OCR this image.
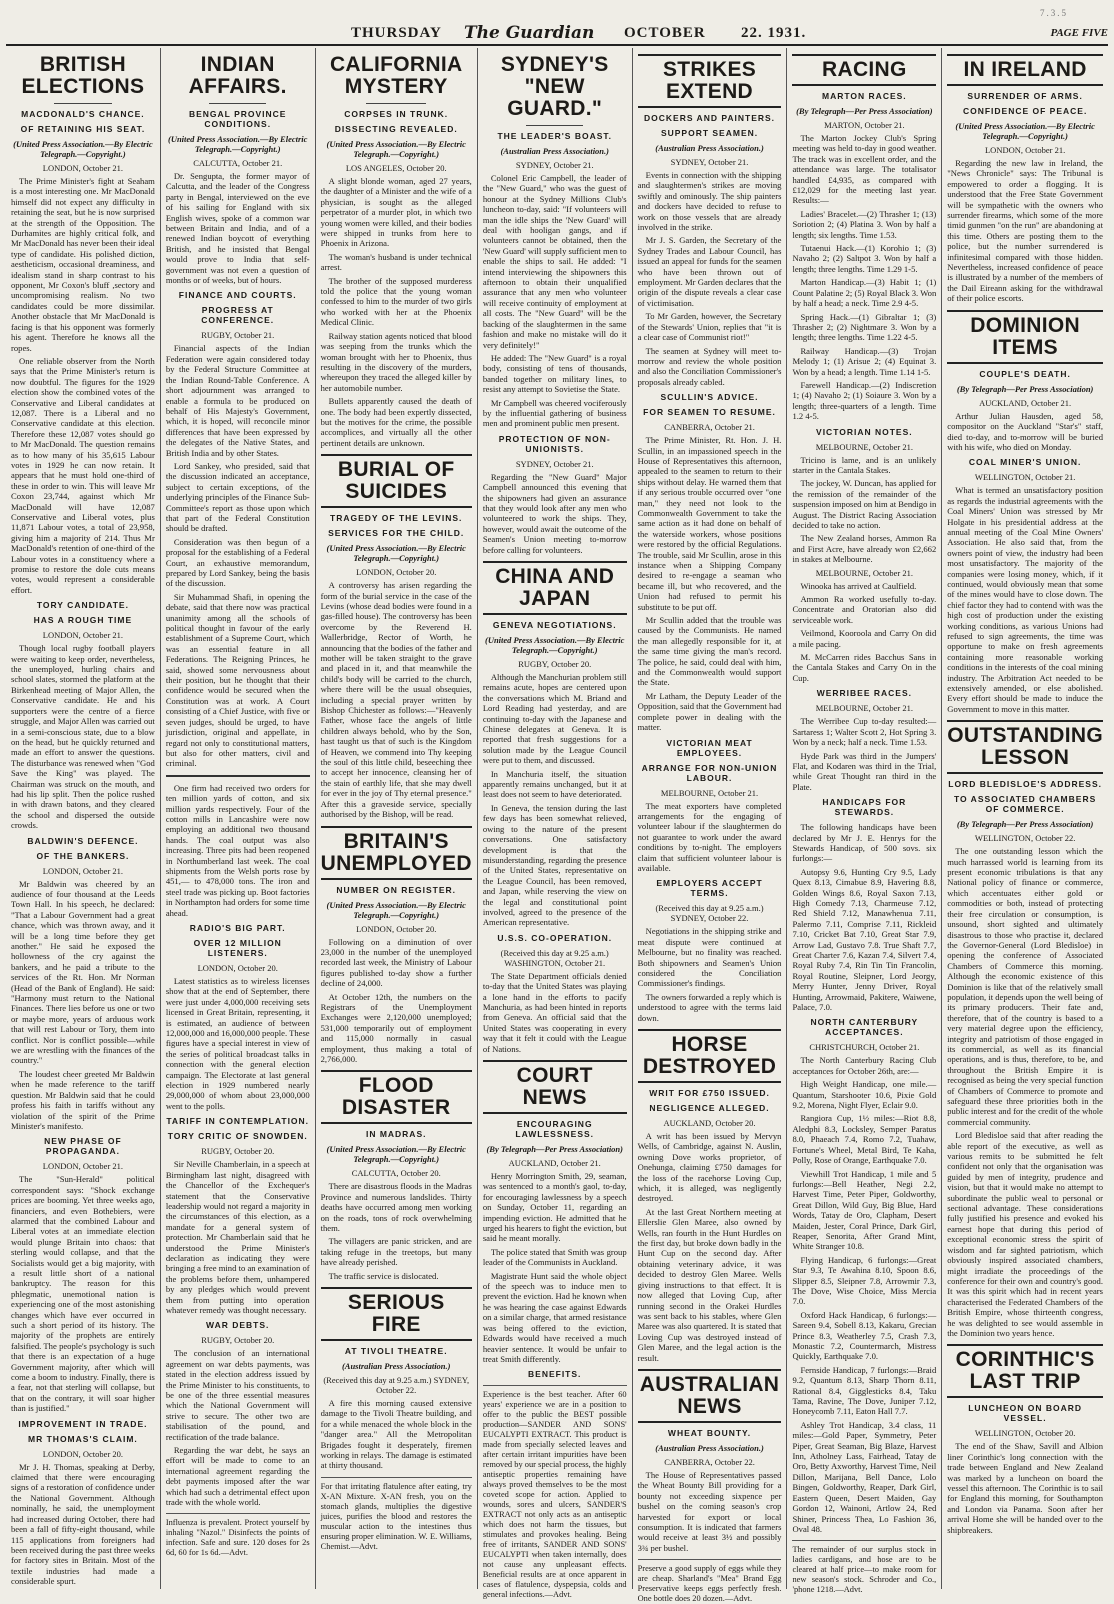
7.3.5
THURSDAY The Guardian OCTOBER 22. 1931.	PAGE FIVE
BRITISH ELECTIONS
MACDONALD'S CHANCE.
OF RETAINING HIS SEAT.
(United Press Association.—By Electric Telegraph.—Copyright.)
LONDON, October 21.

The Prime Minister's fight at Seaham is a most interesting one. Mr MacDonald himself did not expect any difficulty in retaining the seat, but he is now surprised at the strength of the Opposition. The Durhamites are highly critical folk, and Mr MacDonald has never been their ideal type of candidate. His polished diction, aestheticism, occasional dreaminess, and idealism stand in sharp contrast to his opponent, Mr Coxon's bluff ,sectory and uncompromising realism. No two candidates could be more dissimilar. Another obstacle that Mr MacDonald is facing is that his opponent was formerly his agent. Therefore he knows all the ropes.

One reliable observer from the North says that the Prime Minister's return is now doubtful. The figures for the 1929 election show the combined votes of the Conservative and Liberal candidates at 12,087. There is a Liberal and no Conservative candidate at this election. Therefore these 12,087 votes should go to Mr MacDonald. The question remains as to how many of his 35,615 Labour votes in 1929 he can now retain. It appears that he must hold one-third of these in order to win. This will leave Mr Coxon 23,744, against which Mr MacDonald will have 12,087 Conservative and Liberal votes, plus 11,871 Labour votes, a total of 23,958, giving him a majority of 214. Thus Mr MacDonald's retention of one-third of the Labour votes in a constituency where a promise to restore the dole cuts means votes, would represent a considerable effort.

TORY CANDIDATE.
HAS A ROUGH TIME
LONDON, October 21.

Though local rugby football players were waiting to keep order, nevertheless, the unemployed, hurling chairs and school slates, stormed the platform at the Birkenhead meeting of Major Allen, the Conservative candidate. He and his supporters were the centre of a fierce struggle, and Major Allen was carried out in a semi-conscious state, due to a blow on the head, but he quickly returned and made an effort to answer the questions. The disturbance was renewed when "God Save the King" was played. The Chairman was struck on the mouth, and had his lip split. Then the police rushed in with drawn batons, and they cleared the school and dispersed the outside crowds.

BALDWIN'S DEFENCE.
OF THE BANKERS.
LONDON, October 21.

Mr Baldwin was cheered by an audience of four thousand at the Leeds Town Hall. In his speech, he declared: "That a Labour Government had a great chance, which was thrown away, and it will be a long time before they get another." He said he exposed the hollowness of the cry against the bankers, and he paid a tribute to the services of the Rt. Hon. Mr Norman (Head of the Bank of England). He said: "Harmony must return to the National Finances. There lies before us one or two or maybe more, years of arduous work that will rest Labour or Tory, them into conflict. Nor is conflict possible—while we are wrestling with the finances of the country."

The loudest cheer greeted Mr Baldwin when he made reference to the tariff question. Mr Baldwin said that he could profess his faith in tariffs without any violation of the spirit of the Prime Minister's manifesto.

NEW PHASE OF PROPAGANDA.
LONDON, October 21.

The "Sun-Herald" political correspondent says: "Shock exchange prices are booming. Yet three weeks ago, financiers, and even Bothebiers, were alarmed that the combined Labour and Liberal votes at an immediate election would plunge Britain into chaos: that sterling would collapse, and that the Socialists would get a big majority, with a result little short of a national bankruptcy. The reason for this phlegmatic, unemotional nation is experiencing one of the most astonishing changes which have ever occurred in such a short period of its history. The majority of the prophets are entirely falsified. The people's psychology is such that there is an expectation of a huge Government majority, after which will come a boom to industry. Finally, there is a fear, not that sterling will collapse, but that on the contrary, it will soar higher than is justified."

IMPROVEMENT IN TRADE.
MR THOMAS'S CLAIM.
LONDON, October 20.

Mr J. H. Thomas, speaking at Derby, claimed that there were encouraging signs of a restoration of confidence under the National Government. Although nominally, he said, the unemployment had increased during October, there had been a fall of fifty-eight thousand, while 115 applications from foreigners had been received during the past three weeks for factory sites in Britain. Most of the textile industries had made a considerable spurt.

INDIAN AFFAIRS.
BENGAL PROVINCE CONDITIONS.
(United Press Association.—By Electric Telegraph.—Copyright.)
CALCUTTA, October 21.

Dr. Sengupta, the former mayor of Calcutta, and the leader of the Congress party in Bengal, interviewed on the eve of his sailing for England with six English wives, spoke of a common war between Britain and India, and of a renewed Indian boycott of everything British, and he insisted that Bengal would prove to India that self-government was not even a question of months or of weeks, but of hours.

FINANCE AND COURTS.
PROGRESS AT CONFERENCE.
RUGBY, October 21.

Financial aspects of the Indian Federation were again considered today by the Federal Structure Committee at the Indian Round-Table Conference. A short adjournment was arranged to enable a formula to be produced on behalf of His Majesty's Government, which, it is hoped, will reconcile minor differences that have been expressed by the delegates of the Native States, and British India and by other States.

Lord Sankey, who presided, said that the discussion indicated an acceptance, subject to certain exceptions, of the underlying principles of the Finance Sub-Committee's report as those upon which that part of the Federal Constitution should be drafted.

Consideration was then begun of a proposal for the establishing of a Federal Court, an exhaustive memorandum, prepared by Lord Sankey, being the basis of the discussion.

Sir Muhammad Shafi, in opening the debate, said that there now was practical unanimity among all the schools of political thought in favour of the early establishment of a Supreme Court, which was an essential feature in all Federations. The Reigning Princes, he said, showed some nervousness about their position, but he thought that their confidence would be secured when the Constitution was at work. A Court consisting of a Chief Justice, with five or seven judges, should be urged, to have jurisdiction, original and appellate, in regard not only to constitutional matters, but also for other matters, civil and criminal.

One firm had received two orders for ten million yards of cotton, and six million yards respectively. Four of the cotton mills in Lancashire were now employing an additional two thousand hands. The coal output was also increasing. Three pits had been reopened in Northumberland last week. The coal shipments from the Welsh ports rose by 451,— to 478,000 tons. The iron and steel trade was picking up. Boot factories in Northampton had orders for some time ahead.

RADIO'S BIG PART.
OVER 12 MILLION LISTENERS.
LONDON, October 20.

Latest statistics as to wireless licenses show that at the end of September, there were just under 4,000,000 receiving sets licensed in Great Britain, representing, it is estimated, an audience of between 12,000,000 and 16,000,000 people. These figures have a special interest in view of the series of political broadcast talks in connection with the general election campaign. The Electorate at last general election in 1929 numbered nearly 29,000,000 of whom about 23,000,000 went to the polls.

TARIFF IN CONTEMPLATION.
TORY CRITIC OF SNOWDEN.
RUGBY, October 20.

Sir Neville Chamberlain, in a speech at Birmingham last night, disagreed with the Chancellor of the Exchequer's statement that the Conservative leadership would not regard a majority in the circumstances of this election, as a mandate for a general system of protection. Mr Chamberlain said that he understood the Prime Minister's declaration as indicating they were bringing a free mind to an examination of the problems before them, unhampered by any pledges which would prevent them from putting into operation whatever remedy was thought necessary.

WAR DEBTS.
RUGBY, October 20.

The conclusion of an international agreement on war debts payments, was stated in the election address issued by the Prime Minister to his constituents, to be one of the three essential measures which the National Government will strive to secure. The other two are stabilisation of the pound, and rectification of the trade balance.

Regarding the war debt, he says an effort will be made to come to an international agreement regarding the debt payments imposed after the war which had such a detrimental effect upon trade with the whole world.

Influenza is prevalent. Protect yourself by inhaling "Nazol." Disinfects the points of infection. Safe and sure. 120 doses for 2s 6d, 60 for 1s 6d.—Advt.
CALIFORNIA MYSTERY
CORPSES IN TRUNK.
DISSECTING REVEALED.
(United Press Association.—By Electric Telegraph.—Copyright.)
LOS ANGELES, October 20.

A slight blonde woman, aged 27 years, the daughter of a Minister and the wife of a physician, is sought as the alleged perpetrator of a murder plot, in which two young women were killed, and their bodies were shipped in trunks from here to Phoenix in Arizona.

The woman's husband is under technical arrest.

The brother of the supposed murderess told the police that the young woman confessed to him to the murder of two girls who worked with her at the Phoenix Medical Clinic.

Railway station agents noticed that blood was seeping from the trunks which the woman brought with her to Phoenix, thus resulting in the discovery of the murders, whereupon they traced the alleged killer by her automobile number.

Bullets apparently caused the death of one. The body had been expertly dissected, but the motives for the crime, the possible accomplices, and virtually all the other pertinent details are unknown.

BURIAL OF SUICIDES
TRAGEDY OF THE LEVINS.
SERVICES FOR THE CHILD.
(United Press Association.—By Electric Telegraph.—Copyright.)
LONDON, October 20.

A controversy has arisen regarding the form of the burial service in the case of the Levins (whose dead bodies were found in a gas-filled house). The controversy has been overcome by the Reverend H. Wallerbridge, Rector of Worth, he announcing that the bodies of the father and mother will be taken straight to the grave and placed in it, and that meanwhile the child's body will be carried to the church, where there will be the usual obsequies, including a special prayer written by Bishop Chichester as follows:—"Heavenly Father, whose face the angels of little children always behold, who by the Son, hast taught us that of such is the Kingdom of Heaven, we commend into Thy keeping the soul of this little child, beseeching thee to accept her innocence, cleansing her of the stain of earthly life, that she may dwell for ever in the joy of Thy eternal presence." After this a graveside service, specially authorised by the Bishop, will be read.

BRITAIN'S UNEMPLOYED
NUMBER ON REGISTER.
(United Press Association.—By Electric Telegraph.—Copyright.)
LONDON, October 20.

Following on a diminution of over 23,000 in the number of the unemployed recorded last week, the Ministry of Labour figures published to-day show a further decline of 24,000.

At October 12th, the numbers on the Registrars of the Unemployment Exchanges were 2,120,000 unemployed; 531,000 temporarily out of employment and 115,000 normally in casual employment, thus making a total of 2,766,000.

FLOOD DISASTER
IN MADRAS.
(United Press Association.—By Electric Telegraph.—Copyright.)
CALCUTTA, October 20.

There are disastrous floods in the Madras Province and numerous landslides. Thirty deaths have occurred among men working on the roads, tons of rock overwhelming them.

The villagers are panic stricken, and are taking refuge in the treetops, but many have already perished.

The traffic service is dislocated.

SERIOUS FIRE
AT TIVOLI THEATRE.
(Australian Press Association.)
(Received this day at 9.25 a.m.) SYDNEY, October 22.

A fire this morning caused extensive damage to the Tivoli Theatre building, and for a while menaced the whole block in the "danger area." All the Metropolitan Brigades fought it desperately, firemen working in relays. The damage is estimated at thirty thousand.

For that irritating flatulence after eating, try X-AN Mixture. X-AN fresh, you on the stomach glands, multiplies the digestive juices, purifies the blood and restores the muscular action to the intestines thus ensuring proper elimination. W. E. Williams, Chemist.—Advt.
SYDNEY'S "NEW GUARD."
THE LEADER'S BOAST.
(Australian Press Association.)
SYDNEY, October 21.

Colonel Eric Campbell, the leader of the "New Guard," who was the guest of honour at the Sydney Millions Club's luncheon to-day, said: "If volunteers will man the idle ships the 'New Guard' will deal with hooligan gangs, and if volunteers cannot be obtained, then the 'New Guard' will supply sufficient men to enable the ships to sail. He added: "I intend interviewing the shipowners this afternoon to obtain their unqualified assurance that any men who volunteer will receive continuity of employment at all costs. The "New Guard" will be the backing of the slaughtermen in the same fashion and make no mistake will do it very definitely!"

He added: The "New Guard" is a royal body, consisting of tens of thousands, banded together on military lines, to resist any attempt to Sovietise the State.

Mr Campbell was cheered vociferously by the influential gathering of business men and prominent public men present.

PROTECTION OF NON-UNIONISTS.
SYDNEY, October 21.

Regarding the "New Guard" Major Campbell announced this evening that the shipowners had given an assurance that they would look after any men who volunteered to work the ships. They, however, would await the outcome of the Seamen's Union meeting to-morrow before calling for volunteers.

CHINA AND JAPAN
GENEVA NEGOTIATIONS.
(United Press Association.—By Electric Telegraph.—Copyright.)
RUGBY, October 20.

Although the Manchurian problem still remains acute, hopes are centered upon the conversations which M. Briand and Lord Reading had yesterday, and are continuing to-day with the Japanese and Chinese delegates at Geneva. It is reported that fresh suggestions for a solution made by the League Council were put to them, and discussed.

In Manchuria itself, the situation apparently remains unchanged, but it at least does not seem to have deteriorated.

In Geneva, the tension during the last few days has been somewhat relieved, owing to the nature of the present conversations. One satisfactory development is that the misunderstanding, regarding the presence of the United States, representative on the League Council, has been removed, and Japan, while reserving the view on the legal and constitutional point involved, agreed to the presence of the American representative.

U.S.S. CO-OPERATION.
(Received this day at 9.25 a.m.) WASHINGTON, October 21.

The State Department officials denied to-day that the United States was playing a lone hand in the efforts to pacify Manchuria, as had been hinted in reports from Geneva. An official said that the United States was cooperating in every way that it felt it could with the League of Nations.

COURT NEWS
ENCOURAGING LAWLESSNESS.
(By Telegraph—Per Press Association)
AUCKLAND, October 21.

Henry Morrington Smith, 29, seaman, was sentenced to a month's gaol, to-day, for encouraging lawlessness by a speech on Sunday, October 11, regarding an impending eviction. He admitted that he urged his hearers to fight the eviction, but said he meant morally.

The police stated that Smith was group leader of the Communists in Auckland.

Magistrate Hunt said the whole object of the speech was to induce men to prevent the eviction. Had he known when he was hearing the case against Edwards on a similar charge, that armed resistance was being offered to the eviction, Edwards would have received a much heavier sentence. It would be unfair to treat Smith differently.

BENEFITS.
Experience is the best teacher. After 60 years' experience we are in a position to offer to the public the BEST possible production—SANDER AND SONS' EUCALYPTI EXTRACT. This product is made from specially selected leaves and after certain irritant impurities have been removed by our special process, the highly antiseptic properties remaining have always proved themselves to be the most coveted scope for action. Applied to wounds, sores and ulcers, SANDER'S EXTRACT not only acts as an antiseptic which does not harm the tissues, but stimulates and provokes healing. Being free of irritants, SANDER AND SONS' EUCALYPTI when taken internally, does not cause any unpleasant effects. Beneficial results are at once apparent in cases of flatulence, dyspepsia, colds and general infections.—Advt.
STRIKES EXTEND
DOCKERS AND PAINTERS.
SUPPORT SEAMEN.
(Australian Press Association.)
SYDNEY, October 21.

Events in connection with the shipping and slaughtermen's strikes are moving swiftly and ominously. The ship painters and dockers have decided to refuse to work on those vessels that are already involved in the strike.

Mr J. S. Garden, the Secretary of the Sydney Trades and Labour Council, has issued an appeal for funds for the seamen who have been thrown out of employment. Mr Garden declares that the origin of the dispute reveals a clear case of victimisation.

To Mr Garden, however, the Secretary of the Stewards' Union, replies that "it is a clear case of Communist riot!"

The seamen at Sydney will meet to-morrow and review the whole position and also the Conciliation Commissioner's proposals already cabled.

SCULLIN'S ADVICE.
FOR SEAMEN TO RESUME.
CANBERRA, October 21.

The Prime Minister, Rt. Hon. J. H. Scullin, in an impassioned speech in the House of Representatives this afternoon, appealed to the seamen to return to their ships without delay. He warned them that if any serious trouble occurred over "one man," they need not look to the Commonwealth Government to take the same action as it had done on behalf of the waterside workers, whose positions were restored by the official Regulations. The trouble, said Mr Scullin, arose in this instance when a Shipping Company desired to re-engage a seaman who became ill, but who recovered, and the Union had refused to permit his substitute to be put off.

Mr Scullin added that the trouble was caused by the Communists. He named the man allegedly responsible for it, at the same time giving the man's record. The police, he said, could deal with him, and the Commonwealth would support the State.

Mr Latham, the Deputy Leader of the Opposition, said that the Government had complete power in dealing with the matter.

VICTORIAN MEAT EMPLOYEES.
ARRANGE FOR NON-UNION LABOUR.
MELBOURNE, October 21.

The meat exporters have completed arrangements for the engaging of volunteer labour if the slaughtermen do not guarantee to work under the award conditions by to-night. The employers claim that sufficient volunteer labour is available.

EMPLOYERS ACCEPT TERMS.
(Received this day at 9.25 a.m.) SYDNEY, October 22.

Negotiations in the shipping strike and meat dispute were continued at Melbourne, but no finality was reached. Both shipowners and Seamen's Union considered the Conciliation Commissioner's findings.

The owners forwarded a reply which is understood to agree with the terms laid down.

HORSE DESTROYED
WRIT FOR £750 ISSUED.
NEGLIGENCE ALLEGED.
AUCKLAND, October 20.

A writ has been issued by Mervyn Wells, of Cambridge, against N. Auslin, owning Dove works proprietor, of Onehunga, claiming £750 damages for the loss of the racehorse Loving Cup, which, it is alleged, was negligently destroyed.

At the last Great Northern meeting at Ellerslie Glen Maree, also owned by Wells, ran fourth in the Hunt Hurdles on the first day, but broke down badly in the Hunt Cup on the second day. After obtaining veterinary advice, it was decided to destroy Glen Maree. Wells giving instructions to that effect. It is now alleged that Loving Cup, after running second in the Orakei Hurdles was sent back to his stables, where Glen Maree was also quartered. It is stated that Loving Cup was destroyed instead of Glen Maree, and the legal action is the result.

AUSTRALIAN NEWS
WHEAT BOUNTY.
(Australian Press Association.)
CANBERRA, October 22.

The House of Representatives passed the Wheat Bounty Bill providing for a bounty not exceeding sixpence per bushel on the coming season's crop harvested for export or local consumption. It is indicated that farmers would receive at least 3½ and possibly 3¾ per bushel.

Preserve a good supply of eggs while they are cheap. Sharland's "Mea" Brand Egg Preservative keeps eggs perfectly fresh. One bottle does 20 dozen.—Advt.
RACING
MARTON RACES.
(By Telegraph—Per Press Association)
MARTON, October 21.

The Marton Jockey Club's Spring meeting was held to-day in good weather. The track was in excellent order, and the attendance was large. The totalisator handled £4,935, as compared with £12,029 for the meeting last year. Results:—

Ladies' Bracelet.—(2) Thrasher 1; (13) Soriotion 2; (4) Platina 3. Won by half a length; six lengths. Time 1.53.

Tutaenui Hack.—(1) Korohio 1; (3) Navaho 2; (2) Saltpot 3. Won by half a length; three lengths. Time 1.29 1-5.

Marton Handicap.—(3) Habit 1; (1) Count Palatine 2; (5) Royal Black 3. Won by half a head; a neck. Time 2.9 4-5.

Spring Hack.—(1) Gibraltar 1; (3) Thrasher 2; (2) Nightmare 3. Won by a length; three lengths. Time 1.22 4-5.

Railway Handicap.—(3) Trojan Melody 1; (1) Arisue 2; (4) Equinat 3. Won by a head; a length. Time 1.14 1-5.

Farewell Handicap.—(2) Indiscretion 1; (4) Navaho 2; (1) Soiaure 3. Won by a length; three-quarters of a length. Time 1.2 4-5.

VICTORIAN NOTES.
MELBOURNE, October 21.

Tricino is lame, and is an unlikely starter in the Cantala Stakes.

The jockey, W. Duncan, has applied for the remission of the remainder of the suspension imposed on him at Bendigo in August. The District Racing Association decided to take no action.

The New Zealand horses, Ammon Ra and First Acre, have already won £2,662 in stakes at Melbourne.

MELBOURNE, October 21.

Winooka has arrived at Caulfield.

Ammon Ra worked usefully to-day. Concentrate and Oratorian also did serviceable work.

Veilmond, Kooroola and Carry On did a mile pacing.

M. McCarren rides Bacchus Sans in the Cantala Stakes and Carry On in the Cup.

WERRIBEE RACES.
MELBOURNE, October 21.

The Werribee Cup to-day resulted:—Sartaress 1; Walter Scott 2, Hot Spring 3. Won by a neck; half a neck. Time 1.53.

Hyde Park was third in the Jumpers' Flat, and Kodaren was third in the Trial, while Great Thought ran third in the Plate.

HANDICAPS FOR STEWARDS.

The following handicaps have been declared by Mr J. E. Henrys for the Stewards Handicap, of 500 sovs. six furlongs:—

Autopsy 9.6, Hunting Cry 9.5, Lady Quex 8.13, Cimabue 8.9, Havering 8.8, Golden Wings 8.6, Royal Saxon 7.13, High Comedy 7.13, Charmeuse 7.12, Red Shield 7.12, Manawhenua 7.11, Palermo 7.11, Comprise 7.11, Rickleid 7.10, Cricket Bat 7.10, Great Star 7.9, Arrow Lad, Gustavo 7.8. True Shaft 7.7, Great Charter 7.6, Kazan 7.4, Silvert 7.4, Royal Ruby 7.4, Rin Tin Tin Francolin, Royal Routine, Sleipner, Lord Jeorgy, Merry Hunter, Jenny Driver, Royal Hunting, Arrowmaid, Pakitere, Waiwene, Palace, 7.0.

NORTH CANTERBURY ACCEPTANCES.
CHRISTCHURCH, October 21.

The North Canterbury Racing Club acceptances for October 26th, are:—

High Weight Handicap, one mile.—Quantum, Starshooter 10.6, Pixie Gold 9.2, Morena, Night Flyer, Eclair 9.0.

Rangiora Cup, 1½ miles:—Riot 8.8, Aledphi 8.3, Locksley, Semper Paratus 8.0, Phaeach 7.4, Romo 7.2, Tuahaw, Fortune's Wheel, Metal Bird, Te Kaha, Polly, Rose of Orange, Earthquake 7.0.

Viewhill Trot Handicap, 1 mile and 5 furlongs:—Bell Heather, Negi 2.2, Harvest Time, Peter Piper, Goldworthy, Great Dillon, Wild Guy, Big Blue, Hard Words, Tatay de Oro, Clapham, Desert Maiden, Jester, Coral Prince, Dark Girl, Reaper, Senorita, After Grand Mint, White Stranger 10.8.

Flying Handicap, 6 furlongs:—Great Star 9.3, Te Awahina 8.10, Spoon 8.6, Slipper 8.5, Sleipner 7.8, Arrowmir 7.3, The Dove, Wise Choice, Miss Mercia 7.0.

Oxford Hack Handicap, 6 furlongs:—Sareen 9.4, Sobell 8.13, Kakaru, Grecian Prince 8.3, Weatherley 7.5, Crash 7.3, Monastic 7.2, Countermarch, Mistress Quickly, Earthquake 7.0.

Fernside Handicap, 7 furlongs:—Braid 9.2, Quantum 8.13, Sharp Thorn 8.11, Rational 8.4, Gigglesticks 8.4, Taku Tama, Ravine, The Dove, Juniper 7.12, Honeycomb 7.11, Eaton Hall 7.7.

Ashley Trot Handicap, 3.4 class, 11 miles:—Gold Paper, Symmetry, Peter Piper, Great Seaman, Big Blaze, Harvest Inn, Atholney Lass, Fairhead, Tatay de Oro, Betty Axworthy, Harvest Time, Neil Dillon, Marijana, Bell Dance, Lolo Bingen, Goldworthy, Reaper, Dark Girl, Eastern Queen, Desert Maiden, Gay Gordon 12, Wainoni, Artlow 24, Red Shiner, Princess Thea, Lo Fashion 36, Oval 48.

The remainder of our surplus stock in ladies cardigans, and hose are to be cleared at half price—to make room for new season's stock. Schroder and Co., 'phone 1218.—Advt.
IN IRELAND
SURRENDER OF ARMS.
CONFIDENCE OF PEACE.
(United Press Association.—By Electric Telegraph.—Copyright.)
LONDON, October 21.

Regarding the new law in Ireland, the "News Chronicle" says: The Tribunal is empowered to order a flogging. It is understood that the Free State Government will be sympathetic with the owners who surrender firearms, which some of the more timid gunmen "on the run" are abandoning at this time. Others are posting them to the police, but the number surrendered is infinitesimal compared with those hidden. Nevertheless, increased confidence of peace is illustrated by a number of the members of the Dail Eireann asking for the withdrawal of their police escorts.

DOMINION ITEMS
COUPLE'S DEATH.
(By Telegraph—Per Press Association)
AUCKLAND, October 21.

Arthur Julian Hausden, aged 58, compositor on the Auckland "Star's" staff, died to-day, and to-morrow will be buried with his wife, who died on Monday.

COAL MINER'S UNION.
WELLINGTON, October 21.

What is termed an unsatisfactory position as regards the industrial agreements with the Coal Miners' Union was stressed by Mr Holgate in his presidential address at the annual meeting of the Coal Mine Owners' Association. He also said that, from the owners point of view, the industry had been most unsatisfactory. The majority of the companies were losing money, which, if it continued, would obviously mean that some of the mines would have to close down. The chief factor they had to contend with was the high cost of production under the existing working conditions, as various Unions had refused to sign agreements, the time was opportune to make on fresh agreements containing more reasonable working conditions in the interests of the coal mining industry. The Arbitration Act needed to be extensively amended, or else abolished. Every effort should be made to induce the Government to move in this matter.

OUTSTANDING LESSON
LORD BLEDISLOE'S ADDRESS.
TO ASSOCIATED CHAMBERS OF COMMERCE.
(By Telegraph—Per Press Association)
WELLINGTON, October 22.

The one outstanding lesson which the much harrassed world is learning from its present economic tribulations is that any National policy of finance or commerce, which accentuates either gold or commodities or both, instead of protecting their free circulation or consumption, is unsound, short sighted and ultimately disastrous to those who practise it, declared the Governor-General (Lord Bledisloe) in opening the conference of Associated Chambers of Commerce this morning. Although the economic existence of this Dominion is like that of the relatively small population, it depends upon the well being of its primary producers. Their fate and, therefore, that of the country is based to a very material degree upon the efficiency, integrity and patriotism of those engaged in its commercial, as well as its financial operations, and is thus, therefore, to be, and throughout the British Empire it is recognised as being the very special function of Chambers of Commerce to promote and safeguard these three priorities both in the public interest and for the credit of the whole commercial community.

Lord Bledisloe said that after reading the able report of the executive, as well as various remits to be submitted he felt confident not only that the organisation was guided by men of integrity, prudence and vision, but that it would make no attempt to subordinate the public weal to personal or sectional advantage. These considerations fully justified his presence and evoked his earnest hope that during this period of exceptional economic stress the spirit of wisdom and far sighted patriotism, which obviously inspired associated chambers, might irradiate the proceedings of the conference for their own and country's good. It was this spirit which had in recent years characterised the Federated Chambers of the British Empire, whose thirteenth congress, he was delighted to see would assemble in the Dominion two years hence.

CORINTHIC'S LAST TRIP
LUNCHEON ON BOARD VESSEL.
WELLINGTON, October 20.

The end of the Shaw, Savill and Albion liner Corinthic's long connection with the trade between England and New Zealand was marked by a luncheon on board the vessel this afternoon. The Corinthic is to sail for England this morning, for Southampton and London via Panama. Soon after her arrival Home she will be handed over to the shipbreakers.
